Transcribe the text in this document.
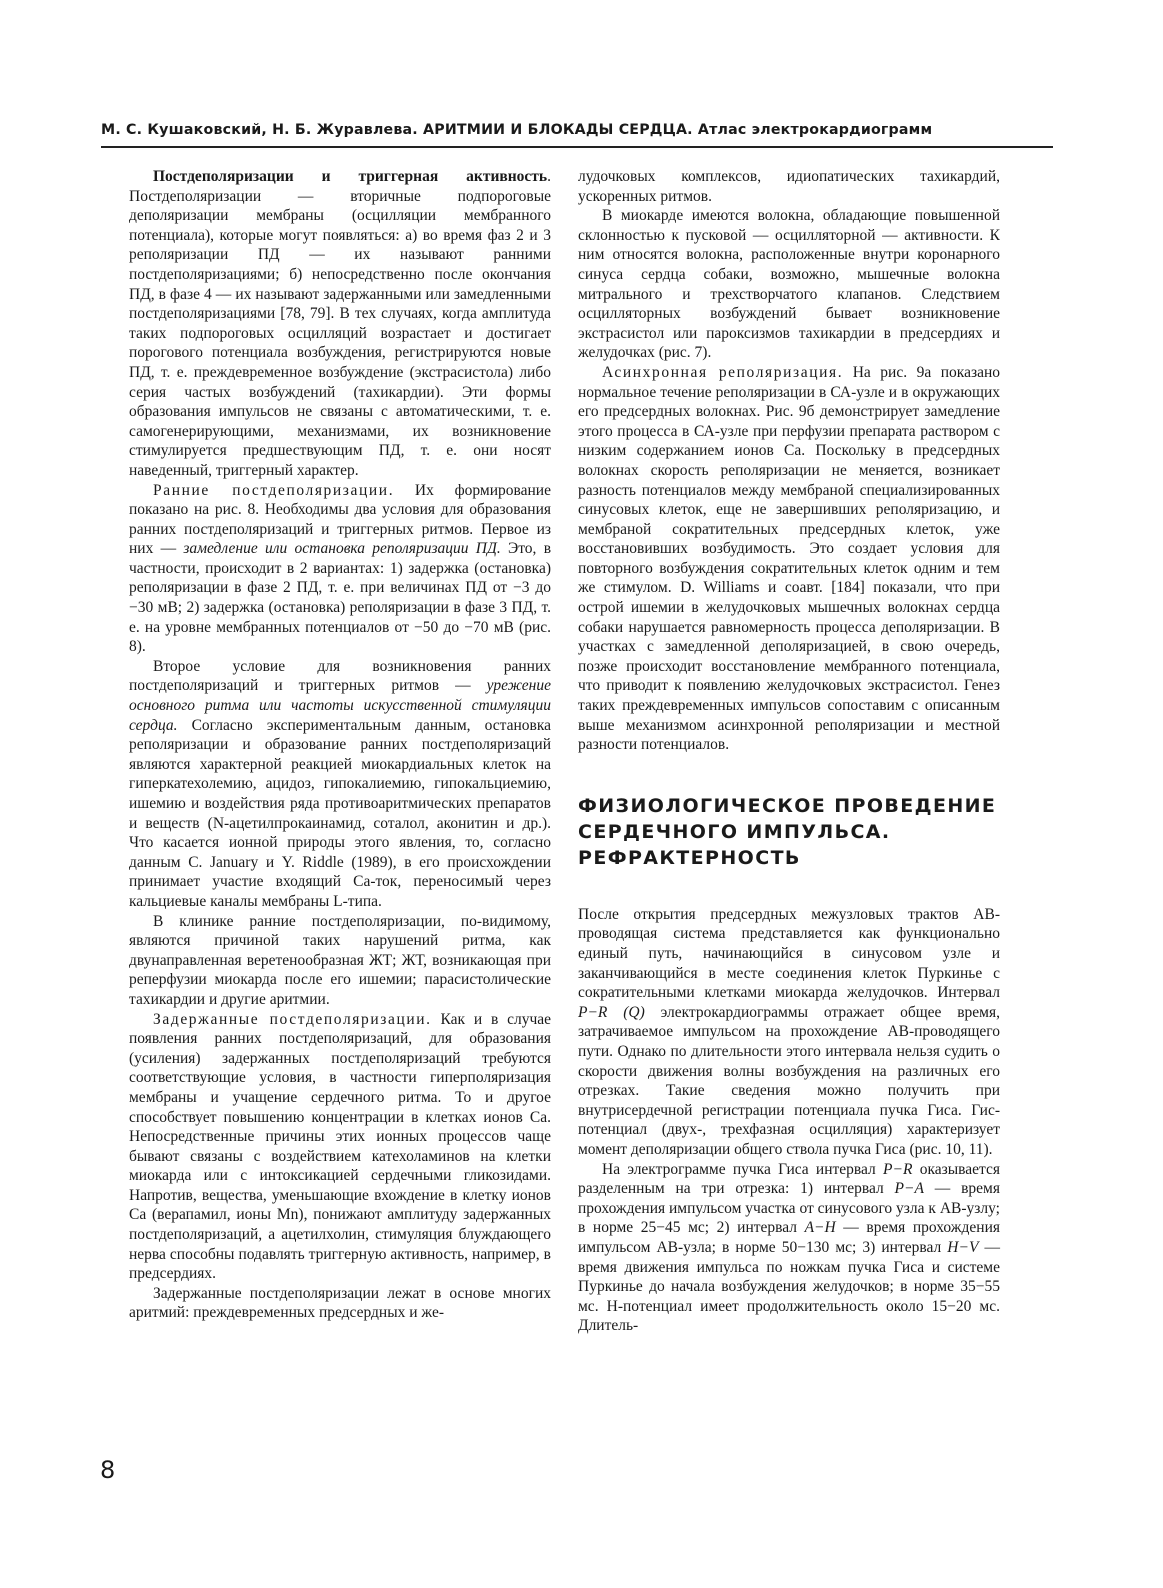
М. С. Кушаковский, Н. Б. Журавлева. АРИТМИИ И БЛОКАДЫ СЕРДЦА. Атлас электрокардиограмм

Постдеполяризации и триггерная активность. Постдеполяризации — вторичные подпороговые деполяризации мембраны (осцилляции мембранного потенциала), которые могут появляться: а) во время фаз 2 и 3 реполяризации ПД — их называют ранними постдеполяризациями; б) непосредственно после окончания ПД, в фазе 4 — их называют задержанными или замедленными постдеполяризациями [78, 79]. В тех случаях, когда амплитуда таких подпороговых осцилляций возрастает и достигает порогового потенциала возбуждения, регистрируются новые ПД, т. е. преждевременное возбуждение (экстрасистола) либо серия частых возбуждений (тахикардии). Эти формы образования импульсов не связаны с автоматическими, т. е. самогенерирующими, механизмами, их возникновение стимулируется предшествующим ПД, т. е. они носят наведенный, триггерный характер.

Ранние постдеполяризации. Их формирование показано на рис. 8. Необходимы два условия для образования ранних постдеполяризаций и триггерных ритмов. Первое из них — замедление или остановка реполяризации ПД. Это, в частности, происходит в 2 вариантах: 1) задержка (остановка) реполяризации в фазе 2 ПД, т. е. при величинах ПД от −3 до −30 мВ; 2) задержка (остановка) реполяризации в фазе 3 ПД, т. е. на уровне мембранных потенциалов от −50 до −70 мВ (рис. 8).

Второе условие для возникновения ранних постдеполяризаций и триггерных ритмов — урежение основного ритма или частоты искусственной стимуляции сердца. Согласно экспериментальным данным, остановка реполяризации и образование ранних постдеполяризаций являются характерной реакцией миокардиальных клеток на гиперкатехолемию, ацидоз, гипокалиемию, гипокальциемию, ишемию и воздействия ряда противоаритмических препаратов и веществ (N-ацетилпрокаинамид, соталол, аконитин и др.). Что касается ионной природы этого явления, то, согласно данным C. January и Y. Riddle (1989), в его происхождении принимает участие входящий Ca-ток, переносимый через кальциевые каналы мембраны L-типа.

В клинике ранние постдеполяризации, по-видимому, являются причиной таких нарушений ритма, как двунаправленная веретенообразная ЖТ; ЖТ, возникающая при реперфузии миокарда после его ишемии; парасистолические тахикардии и другие аритмии.

Задержанные постдеполяризации. Как и в случае появления ранних постдеполяризаций, для образования (усиления) задержанных постдеполяризаций требуются соответствующие условия, в частности гиперполяризация мембраны и учащение сердечного ритма. То и другое способствует повышению концентрации в клетках ионов Ca. Непосредственные причины этих ионных процессов чаще бывают связаны с воздействием катехоламинов на клетки миокарда или с интоксикацией сердечными гликозидами. Напротив, вещества, уменьшающие вхождение в клетку ионов Ca (верапамил, ионы Mn), понижают амплитуду задержанных постдеполяризаций, а ацетилхолин, стимуляция блуждающего нерва способны подавлять триггерную активность, например, в предсердиях.

Задержанные постдеполяризации лежат в основе многих аритмий: преждевременных предсердных и же-

лудочковых комплексов, идиопатических тахикардий, ускоренных ритмов.

В миокарде имеются волокна, обладающие повышенной склонностью к пусковой — осцилляторной — активности. К ним относятся волокна, расположенные внутри коронарного синуса сердца собаки, возможно, мышечные волокна митрального и трехстворчатого клапанов. Следствием осцилляторных возбуждений бывает возникновение экстрасистол или пароксизмов тахикардии в предсердиях и желудочках (рис. 7).

Асинхронная реполяризация. На рис. 9а показано нормальное течение реполяризации в СА-узле и в окружающих его предсердных волокнах. Рис. 9б демонстрирует замедление этого процесса в СА-узле при перфузии препарата раствором с низким содержанием ионов Ca. Поскольку в предсердных волокнах скорость реполяризации не меняется, возникает разность потенциалов между мембраной специализированных синусовых клеток, еще не завершивших реполяризацию, и мембраной сократительных предсердных клеток, уже восстановивших возбудимость. Это создает условия для повторного возбуждения сократительных клеток одним и тем же стимулом. D. Williams и соавт. [184] показали, что при острой ишемии в желудочковых мышечных волокнах сердца собаки нарушается равномерность процесса деполяризации. В участках с замедленной деполяризацией, в свою очередь, позже происходит восстановление мембранного потенциала, что приводит к появлению желудочковых экстрасистол. Генез таких преждевременных импульсов сопоставим с описанным выше механизмом асинхронной реполяризации и местной разности потенциалов.

ФИЗИОЛОГИЧЕСКОЕ ПРОВЕДЕНИЕ
СЕРДЕЧНОГО ИМПУЛЬСА.
РЕФРАКТЕРНОСТЬ

После открытия предсердных межузловых трактов АВ-проводящая система представляется как функционально единый путь, начинающийся в синусовом узле и заканчивающийся в месте соединения клеток Пуркинье с сократительными клетками миокарда желудочков. Интервал P−R (Q) электрокардиограммы отражает общее время, затрачиваемое импульсом на прохождение АВ-проводящего пути. Однако по длительности этого интервала нельзя судить о скорости движения волны возбуждения на различных его отрезках. Такие сведения можно получить при внутрисердечной регистрации потенциала пучка Гиса. Гис-потенциал (двух-, трехфазная осцилляция) характеризует момент деполяризации общего ствола пучка Гиса (рис. 10, 11).

На электрограмме пучка Гиса интервал P−R оказывается разделенным на три отрезка: 1) интервал P−A — время прохождения импульсом участка от синусового узла к АВ-узлу; в норме 25−45 мс; 2) интервал A−H — время прохождения импульсом АВ-узла; в норме 50−130 мс; 3) интервал H−V — время движения импульса по ножкам пучка Гиса и системе Пуркинье до начала возбуждения желудочков; в норме 35−55 мс. Н-потенциал имеет продолжительность около 15−20 мс. Длитель-

8
